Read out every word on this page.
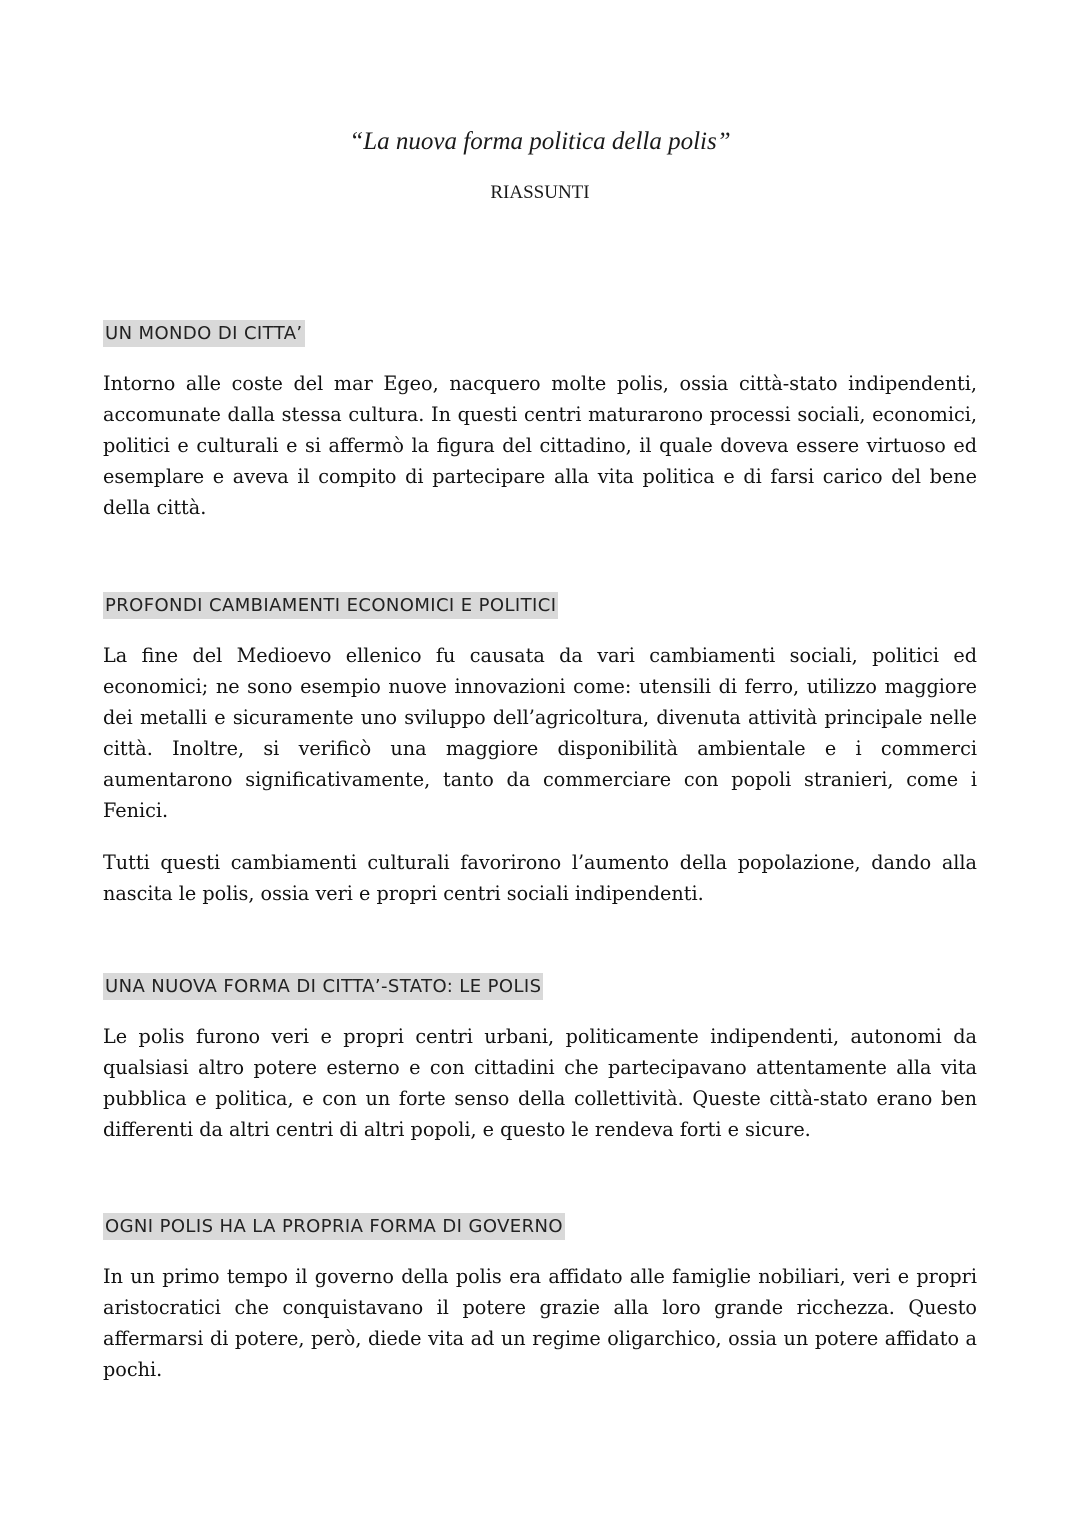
“La nuova forma politica della polis”
RIASSUNTI
UN MONDO DI CITTA’

Intorno alle coste del mar Egeo, nacquero molte polis, ossia città-stato indipendenti, accomunate dalla stessa cultura. In questi centri maturarono processi sociali, economici, politici e culturali e si affermò la figura del cittadino, il quale doveva essere virtuoso ed esemplare e aveva il compito di partecipare alla vita politica e di farsi carico del bene della città.

PROFONDI CAMBIAMENTI ECONOMICI E POLITICI

La fine del Medioevo ellenico fu causata da vari cambiamenti sociali, politici ed economici; ne sono esempio nuove innovazioni come: utensili di ferro, utilizzo maggiore dei metalli e sicuramente uno sviluppo dell’agricoltura, divenuta attività principale nelle città. Inoltre, si verificò una maggiore disponibilità ambientale e i commerci aumentarono significativamente, tanto da commerciare con popoli stranieri, come i Fenici.

Tutti questi cambiamenti culturali favorirono l’aumento della popolazione, dando alla nascita le polis, ossia veri e propri centri sociali indipendenti.

UNA NUOVA FORMA DI CITTA’-STATO: LE POLIS

Le polis furono veri e propri centri urbani, politicamente indipendenti, autonomi da qualsiasi altro potere esterno e con cittadini che partecipavano attentamente alla vita pubblica e politica, e con un forte senso della collettività. Queste città-stato erano ben differenti da altri centri di altri popoli, e questo le rendeva forti e sicure.

OGNI POLIS HA LA PROPRIA FORMA DI GOVERNO

In un primo tempo il governo della polis era affidato alle famiglie nobiliari, veri e propri aristocratici che conquistavano il potere grazie alla loro grande ricchezza. Questo affermarsi di potere, però, diede vita ad un regime oligarchico, ossia un potere affidato a pochi.
